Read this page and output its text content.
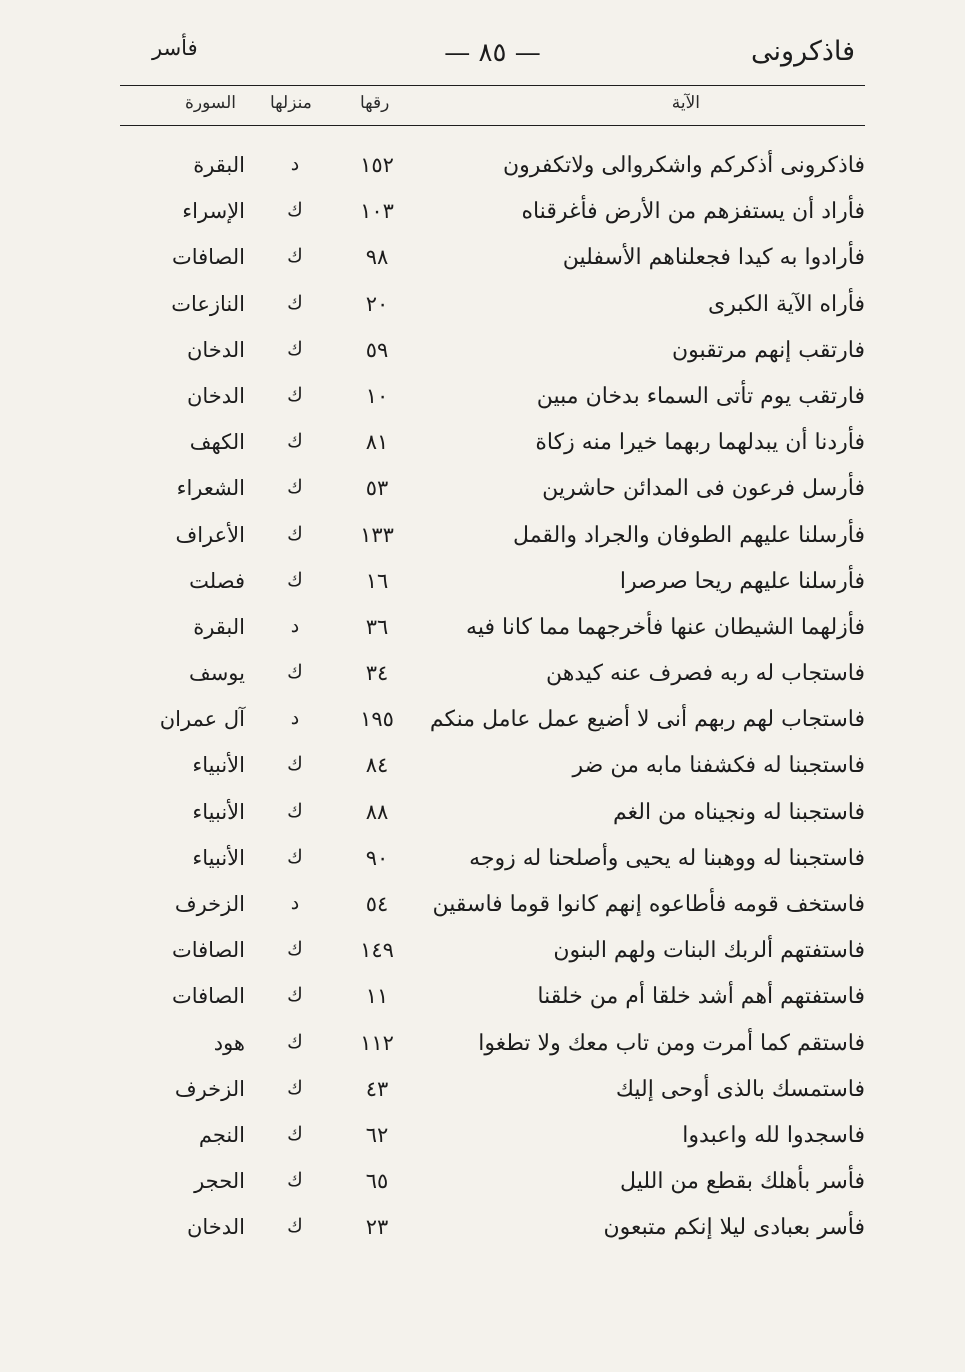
فاذكرونى
— ٨٥ —
فأسر
الآية
رقها
منزلها
السورة
فاذكرونى أذكركم واشكروالى ولاتكفرون
١٥٢
د
البقرة
فأراد أن يستفزهم من الأرض فأغرقناه
١٠٣
ك
الإسراء
فأرادوا به كيدا فجعلناهم الأسفلين
٩٨
ك
الصافات
فأراه الآية الكبرى
٢٠
ك
النازعات
فارتقب إنهم مرتقبون
٥٩
ك
الدخان
فارتقب يوم تأتى السماء بدخان مبين
١٠
ك
الدخان
فأردنا أن يبدلهما ربهما خيرا منه زكاة
٨١
ك
الكهف
فأرسل فرعون فى المدائن حاشرين
٥٣
ك
الشعراء
فأرسلنا عليهم الطوفان والجراد والقمل
١٣٣
ك
الأعراف
فأرسلنا عليهم ريحا صرصرا
١٦
ك
فصلت
فأزلهما الشيطان عنها فأخرجهما مما كانا فيه
٣٦
د
البقرة
فاستجاب له ربه فصرف عنه كيدهن
٣٤
ك
يوسف
فاستجاب لهم ربهم أنى لا أضيع عمل عامل منكم
١٩٥
د
آل عمران
فاستجبنا له فكشفنا مابه من ضر
٨٤
ك
الأنبياء
فاستجبنا له ونجيناه من الغم
٨٨
ك
الأنبياء
فاستجبنا له ووهبنا له يحيى وأصلحنا له زوجه
٩٠
ك
الأنبياء
فاستخف قومه فأطاعوه إنهم كانوا قوما فاسقين
٥٤
د
الزخرف
فاستفتهم ألربك البنات ولهم البنون
١٤٩
ك
الصافات
فاستفتهم أهم أشد خلقا أم من خلقنا
١١
ك
الصافات
فاستقم كما أمرت ومن تاب معك ولا تطغوا
١١٢
ك
هود
فاستمسك بالذى أوحى إليك
٤٣
ك
الزخرف
فاسجدوا لله واعبدوا
٦٢
ك
النجم
فأسر بأهلك بقطع من الليل
٦٥
ك
الحجر
فأسر بعبادى ليلا إنكم متبعون
٢٣
ك
الدخان
